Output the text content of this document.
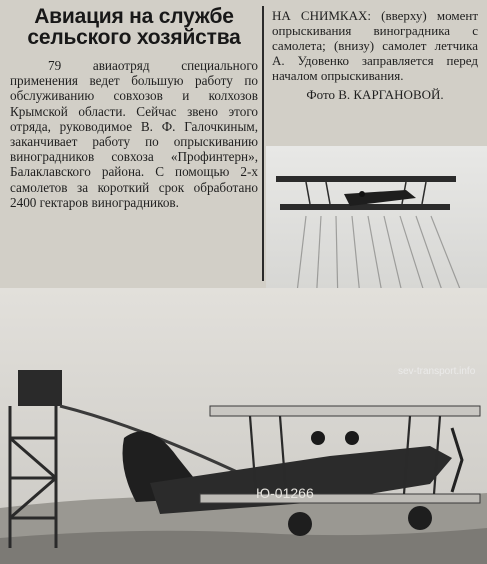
Авиация на службе сельского хозяйства

79 авиаотряд специального применения ведет большую работу по обслуживанию совхозов и колхозов Крымской области. Сейчас звено этого отряда, руководимое В. Ф. Галочкиным, заканчивает работу по опрыскиванию виноградников совхоза «Профинтерн», Балаклавского района. С помощью 2-х самолетов за короткий срок обработано 2400 гектаров виноградников.

НА СНИМКАХ: (вверху) момент опрыскивания виноградника с самолета; (внизу) самолет летчика А. Удовенко заправляется перед началом опрыскивания.
Фото В. КАРГАНОВОЙ.
Ю-01266
sev-transport.info
